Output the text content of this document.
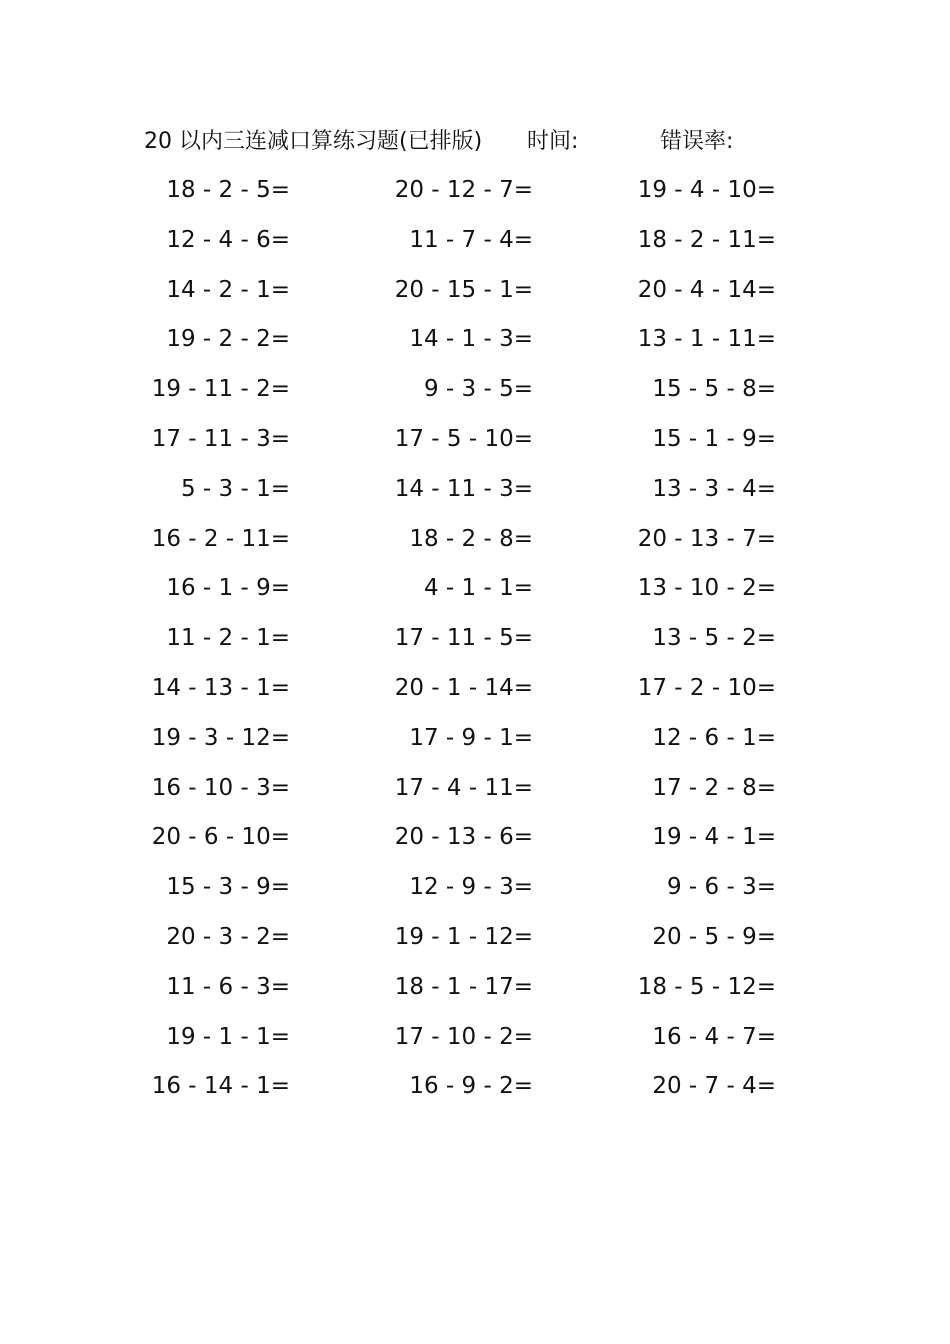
20 以内三连减口算练习题(已排版) 时间:	错误率:
18 - 2 - 5=	20 - 12 - 7=	19 - 4 - 10=
12 - 4 - 6=	11 - 7 - 4=	18 - 2 - 11=
14 - 2 - 1=	20 - 15 - 1=	20 - 4 - 14=
19 - 2 - 2=	14 - 1 - 3=	13 - 1 - 11=
19 - 11 - 2=	9 - 3 - 5=	15 - 5 - 8=
17 - 11 - 3=	17 - 5 - 10=	15 - 1 - 9=
5 - 3 - 1=	14 - 11 - 3=	13 - 3 - 4=
16 - 2 - 11=	18 - 2 - 8=	20 - 13 - 7=
16 - 1 - 9=	4 - 1 - 1=	13 - 10 - 2=
11 - 2 - 1=	17 - 11 - 5=	13 - 5 - 2=
14 - 13 - 1=	20 - 1 - 14=	17 - 2 - 10=
19 - 3 - 12=	17 - 9 - 1=	12 - 6 - 1=
16 - 10 - 3=	17 - 4 - 11=	17 - 2 - 8=
20 - 6 - 10=	20 - 13 - 6=	19 - 4 - 1=
15 - 3 - 9=	12 - 9 - 3=	9 - 6 - 3=
20 - 3 - 2=	19 - 1 - 12=	20 - 5 - 9=
11 - 6 - 3=	18 - 1 - 17=	18 - 5 - 12=
19 - 1 - 1=	17 - 10 - 2=	16 - 4 - 7=
16 - 14 - 1=	16 - 9 - 2=	20 - 7 - 4=
